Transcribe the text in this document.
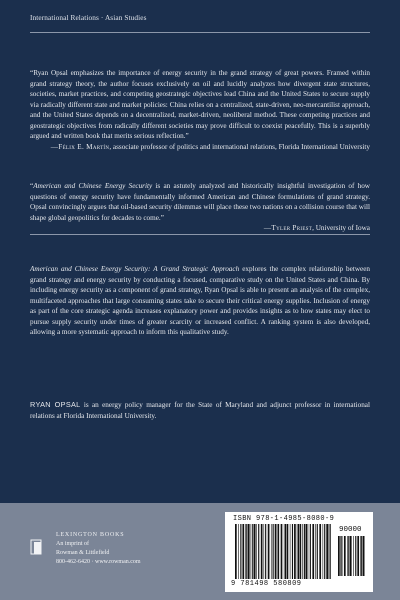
International Relations · Asian Studies
“Ryan Opsal emphasizes the importance of energy security in the grand strategy of great powers. Framed within grand strategy theory, the author focuses exclusively on oil and lucidly analyzes how divergent state structures, societies, market practices, and competing geostrategic objectives lead China and the United States to secure supply via radically different state and market policies: China relies on a centralized, state-driven, neo-mercantilist approach, and the United States depends on a decentralized, market-driven, neoliberal method. These competing practices and geostrategic objectives from radically different societies may prove difficult to coexist peacefully. This is a superbly argued and written book that merits serious reflection.”
—Félix E. Martín, associate professor of politics and international relations, Florida International University
“American and Chinese Energy Security is an astutely analyzed and historically insightful investigation of how questions of energy security have fundamentally informed American and Chinese formulations of grand strategy. Opsal convincingly argues that oil-based security dilemmas will place these two nations on a collision course that will shape global geopolitics for decades to come.”
—Tyler Priest, University of Iowa
American and Chinese Energy Security: A Grand Strategic Approach explores the complex relationship between grand strategy and energy security by conducting a focused, comparative study on the United States and China. By including energy security as a component of grand strategy, Ryan Opsal is able to present an analysis of the complex, multifaceted approaches that large consuming states take to secure their critical energy supplies. Inclusion of energy as part of the core strategic agenda increases explanatory power and provides insights as to how states may elect to pursue supply security under times of greater scarcity or increased conflict. A ranking system is also developed, allowing a more systematic approach to inform this qualitative study.
RYAN OPSAL is an energy policy manager for the State of Maryland and adjunct professor in international relations at Florida International University.
LEXINGTON BOOKS
An imprint of
Rowman & Littlefield
800-462-6420 · www.rowman.com
ISBN 978-1-4985-8080-9
90000
9 781498 580809
